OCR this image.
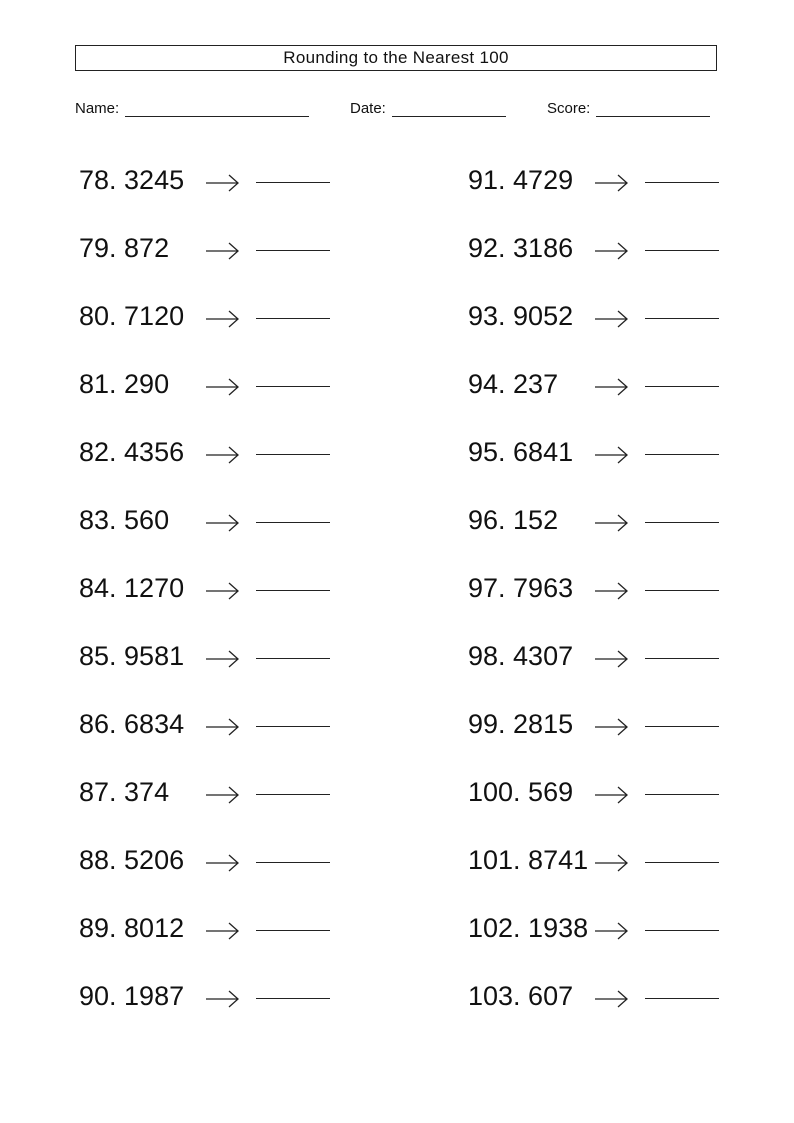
Rounding to the Nearest 100
Name:	Date:	Score:
78. 3245
79. 872
80. 7120
81. 290
82. 4356
83. 560
84. 1270
85. 9581
86. 6834
87. 374
88. 5206
89. 8012
90. 1987
91. 4729
92. 3186
93. 9052
94. 237
95. 6841
96. 152
97. 7963
98. 4307
99. 2815
100. 569
101. 8741
102. 1938
103. 607
